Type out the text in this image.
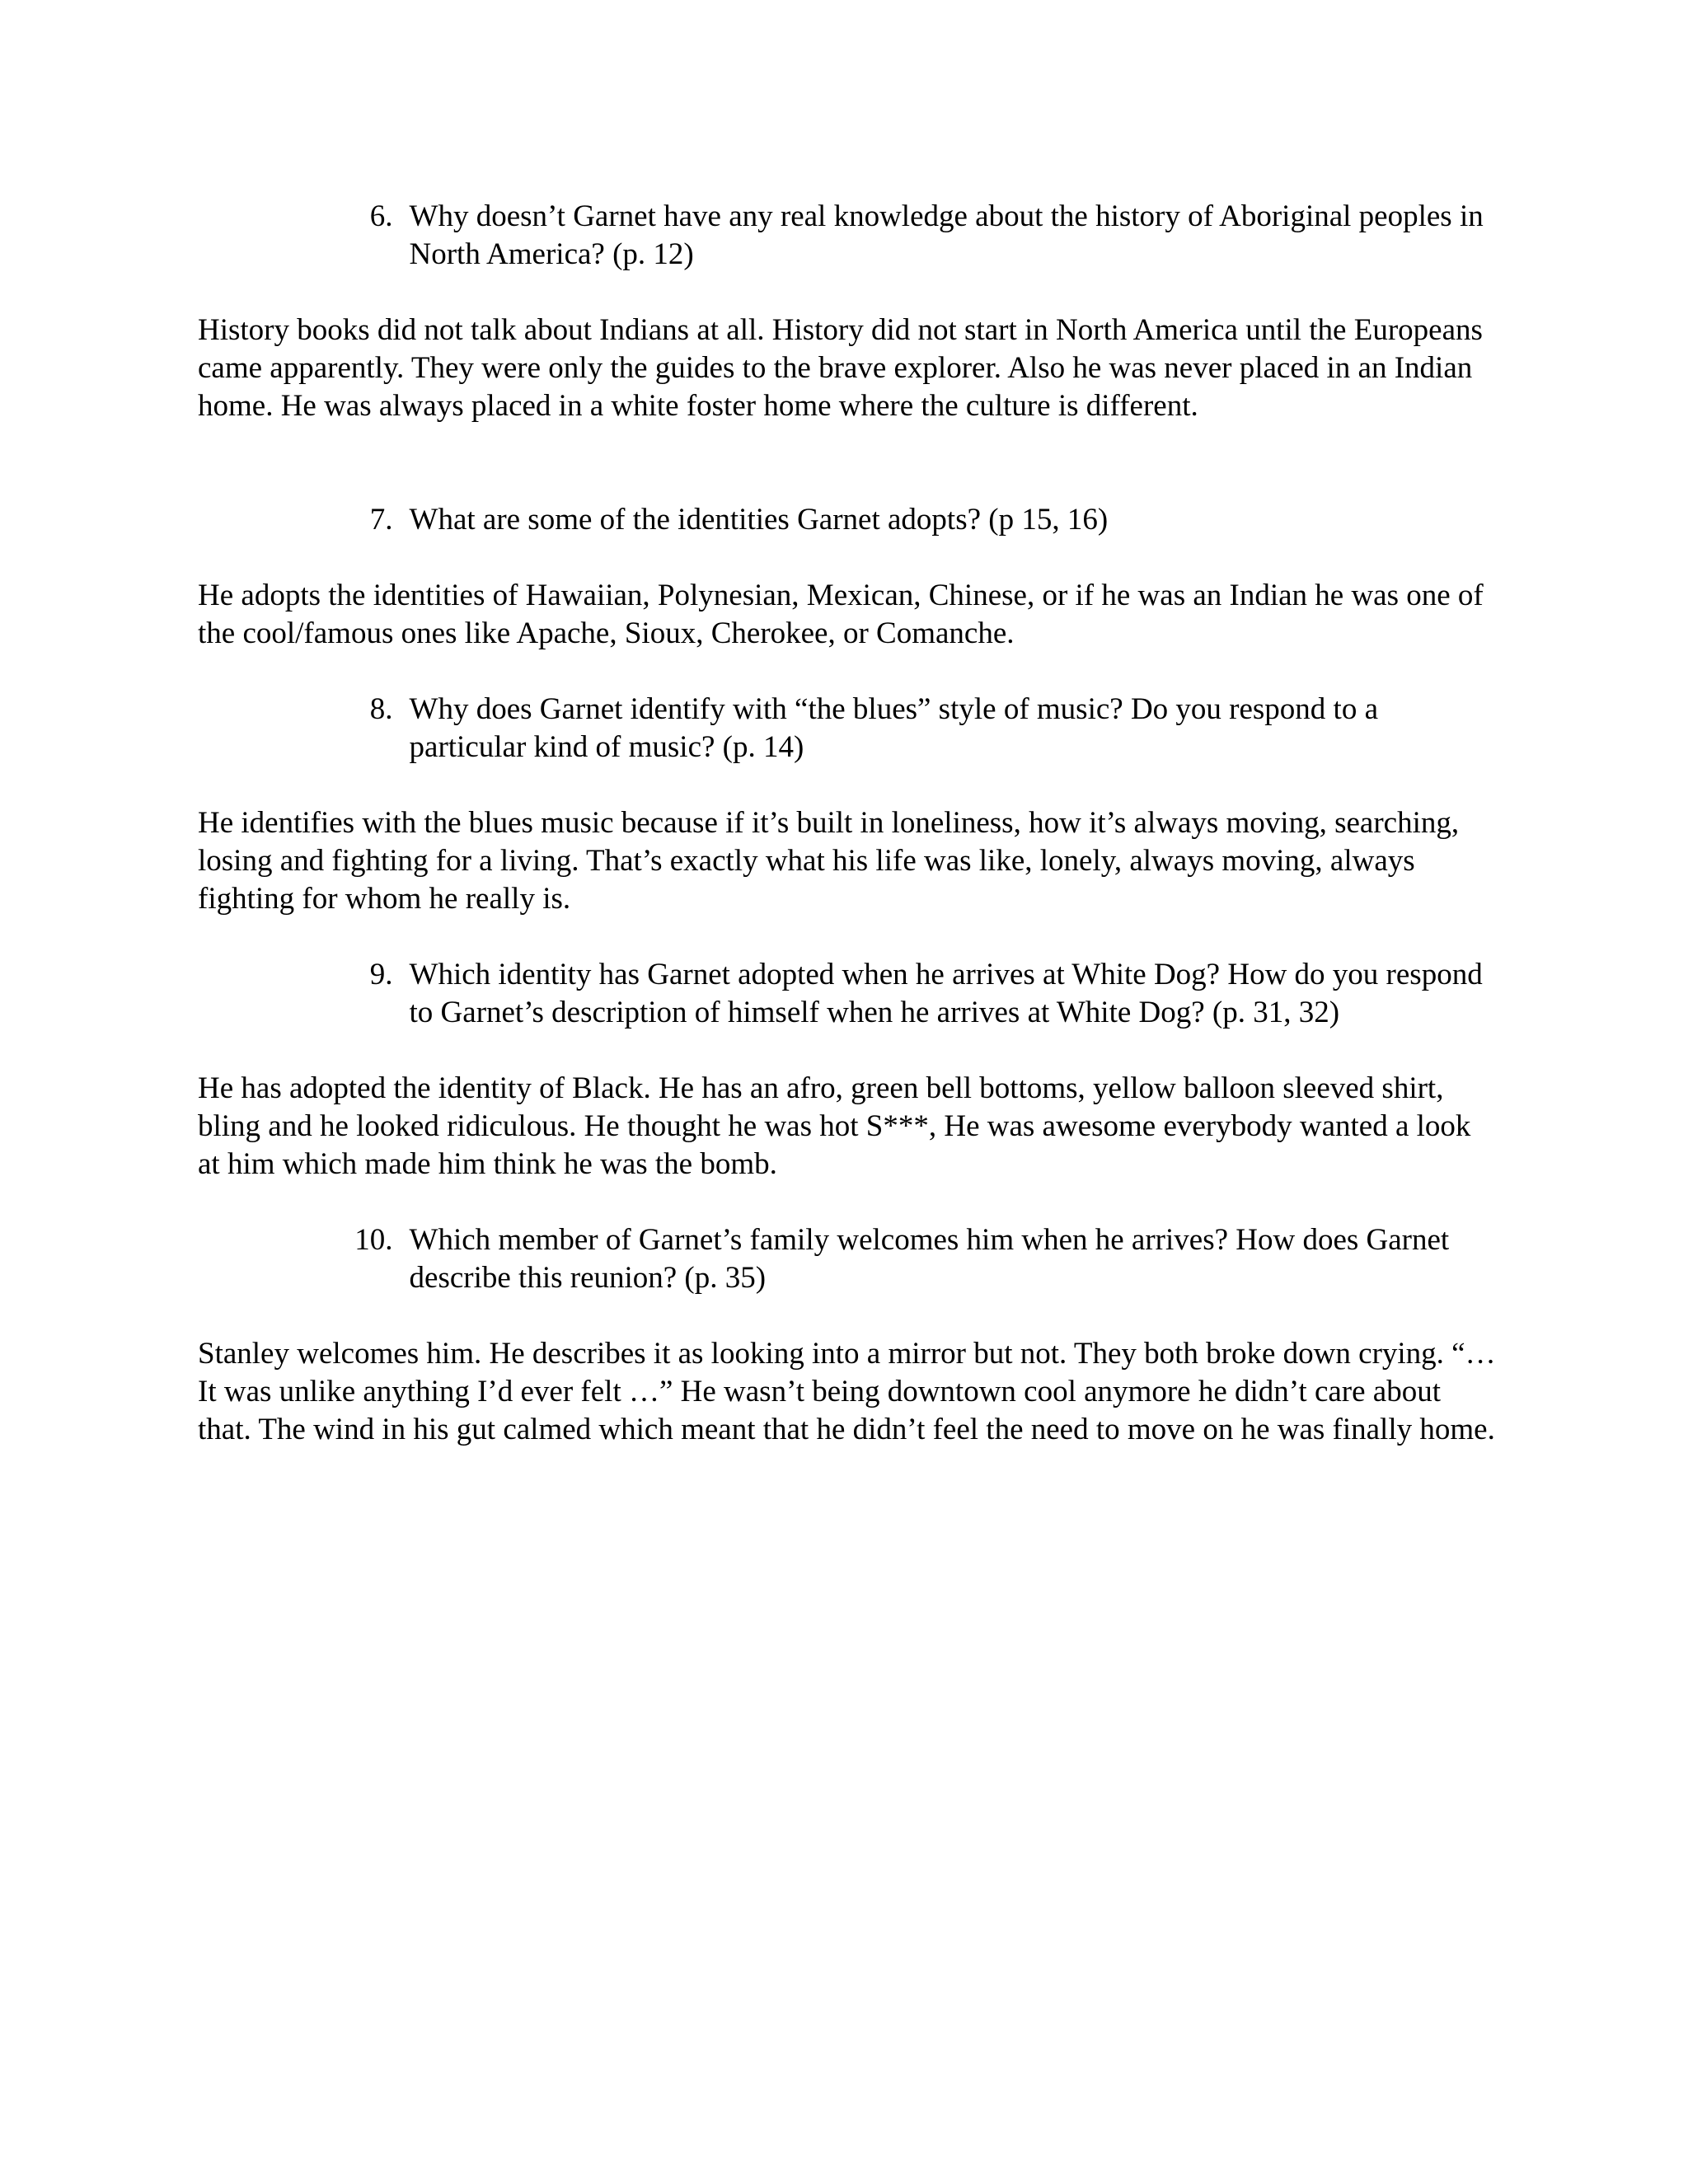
6. Why doesn’t Garnet have any real knowledge about the history of Aboriginal peoples in North America? (p. 12)
History books did not talk about Indians at all. History did not start in North America until the Europeans came apparently. They were only the guides to the brave explorer. Also he was never placed in an Indian home. He was always placed in a white foster home where the culture is different.
7. What are some of the identities Garnet adopts? (p 15, 16)
He adopts the identities of Hawaiian, Polynesian, Mexican, Chinese, or if he was an Indian he was one of the cool/famous ones like Apache, Sioux, Cherokee, or Comanche.
8. Why does Garnet identify with “the blues” style of music? Do you respond to a particular kind of music? (p. 14)
He identifies with the blues music because if it’s built in loneliness, how it’s always moving, searching, losing and fighting for a living. That’s exactly what his life was like, lonely, always moving, always fighting for whom he really is.
9. Which identity has Garnet adopted when he arrives at White Dog? How do you respond to Garnet’s description of himself when he arrives at White Dog? (p. 31, 32)
He has adopted the identity of Black. He has an afro, green bell bottoms, yellow balloon sleeved shirt, bling and he looked ridiculous. He thought he was hot S***, He was awesome everybody wanted a look at him which made him think he was the bomb.
10. Which member of Garnet’s family welcomes him when he arrives? How does Garnet describe this reunion? (p. 35)
Stanley welcomes him. He describes it as looking into a mirror but not. They both broke down crying. “… It was unlike anything I’d ever felt …” He wasn’t being downtown cool anymore he didn’t care about that. The wind in his gut calmed which meant that he didn’t feel the need to move on he was finally home.
